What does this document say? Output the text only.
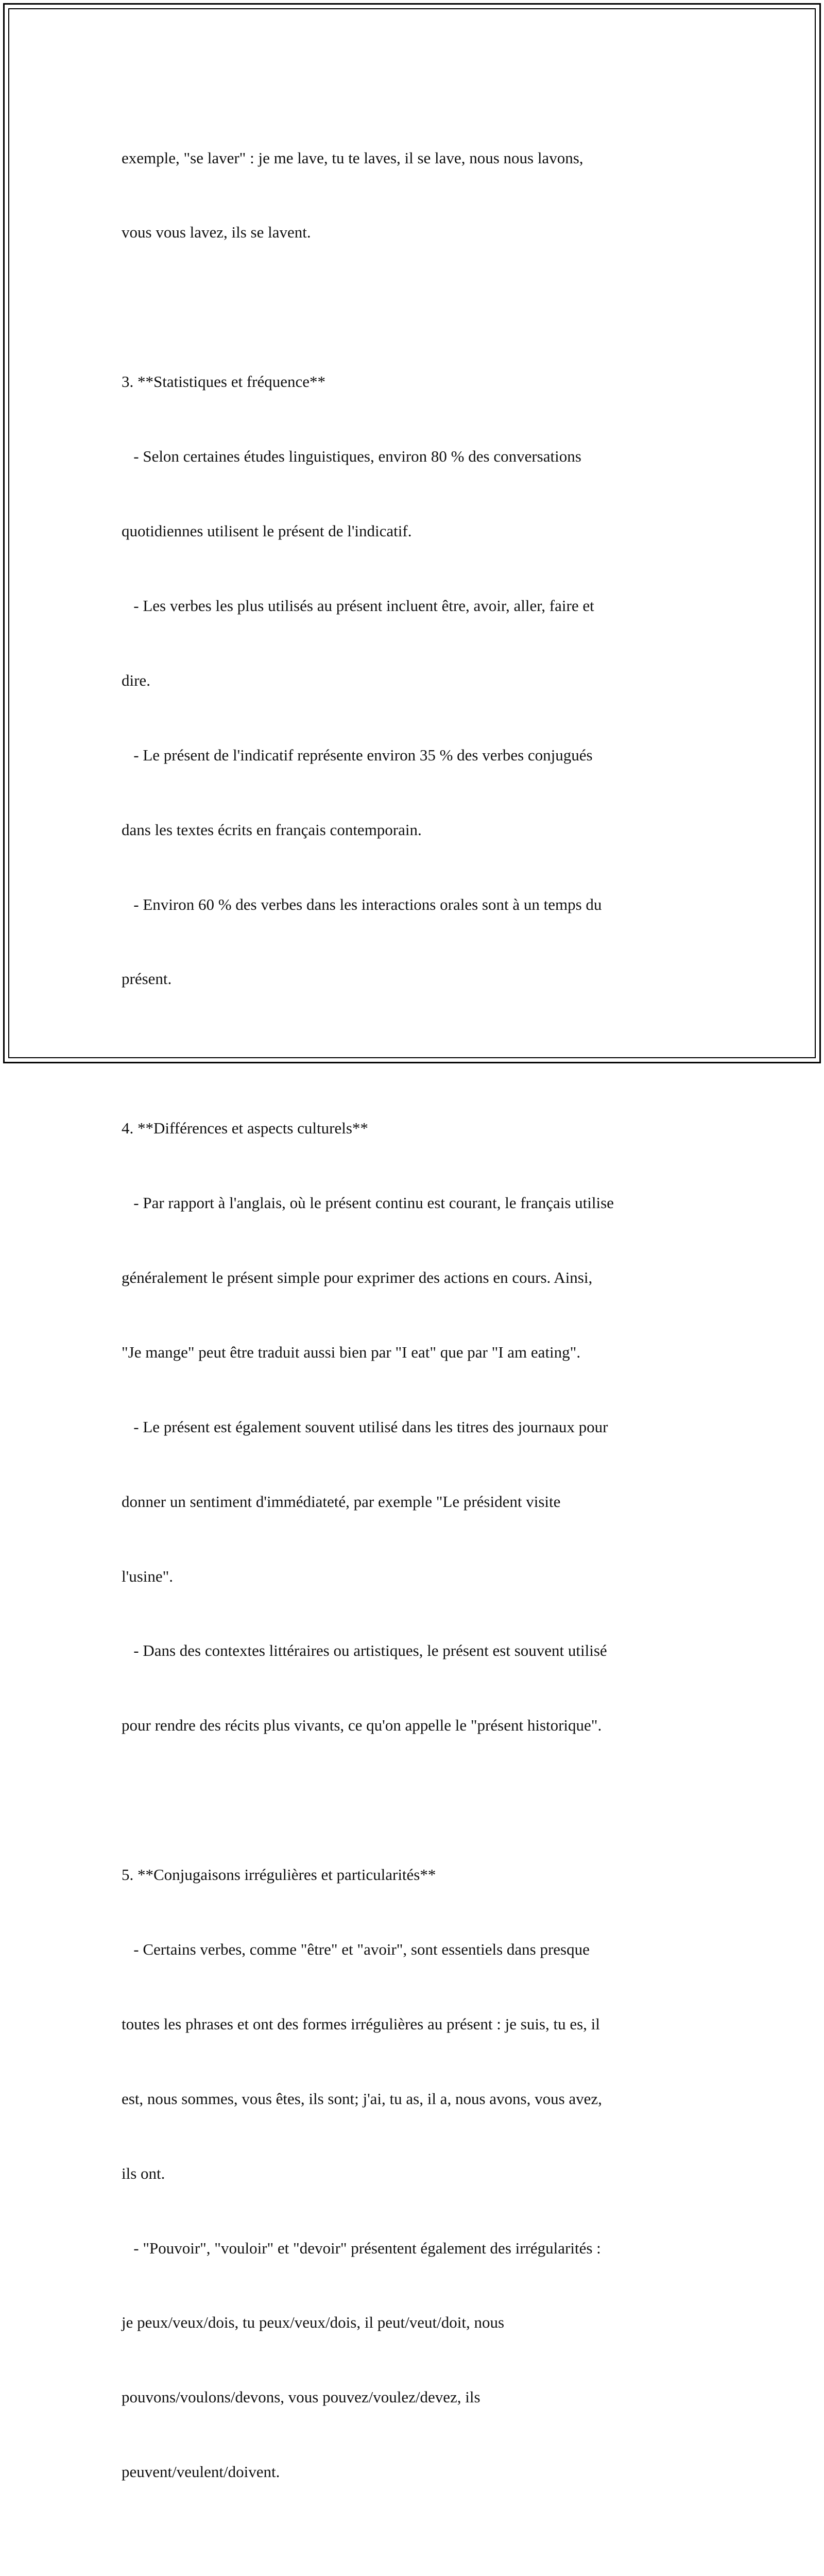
exemple, "se laver" : je me lave, tu te laves, il se lave, nous nous lavons,

vous vous lavez, ils se lavent.

3. **Statistiques et fréquence**

- Selon certaines études linguistiques, environ 80 % des conversations

quotidiennes utilisent le présent de l'indicatif.

- Les verbes les plus utilisés au présent incluent être, avoir, aller, faire et

dire.

- Le présent de l'indicatif représente environ 35 % des verbes conjugués

dans les textes écrits en français contemporain.

- Environ 60 % des verbes dans les interactions orales sont à un temps du

présent.

4. **Différences et aspects culturels**

- Par rapport à l'anglais, où le présent continu est courant, le français utilise

généralement le présent simple pour exprimer des actions en cours. Ainsi,

"Je mange" peut être traduit aussi bien par "I eat" que par "I am eating".

- Le présent est également souvent utilisé dans les titres des journaux pour

donner un sentiment d'immédiateté, par exemple "Le président visite

l'usine".

- Dans des contextes littéraires ou artistiques, le présent est souvent utilisé

pour rendre des récits plus vivants, ce qu'on appelle le "présent historique".

5. **Conjugaisons irrégulières et particularités**

- Certains verbes, comme "être" et "avoir", sont essentiels dans presque

toutes les phrases et ont des formes irrégulières au présent : je suis, tu es, il

est, nous sommes, vous êtes, ils sont; j'ai, tu as, il a, nous avons, vous avez,

ils ont.

- "Pouvoir", "vouloir" et "devoir" présentent également des irrégularités :

je peux/veux/dois, tu peux/veux/dois, il peut/veut/doit, nous

pouvons/voulons/devons, vous pouvez/voulez/devez, ils

peuvent/veulent/doivent.
